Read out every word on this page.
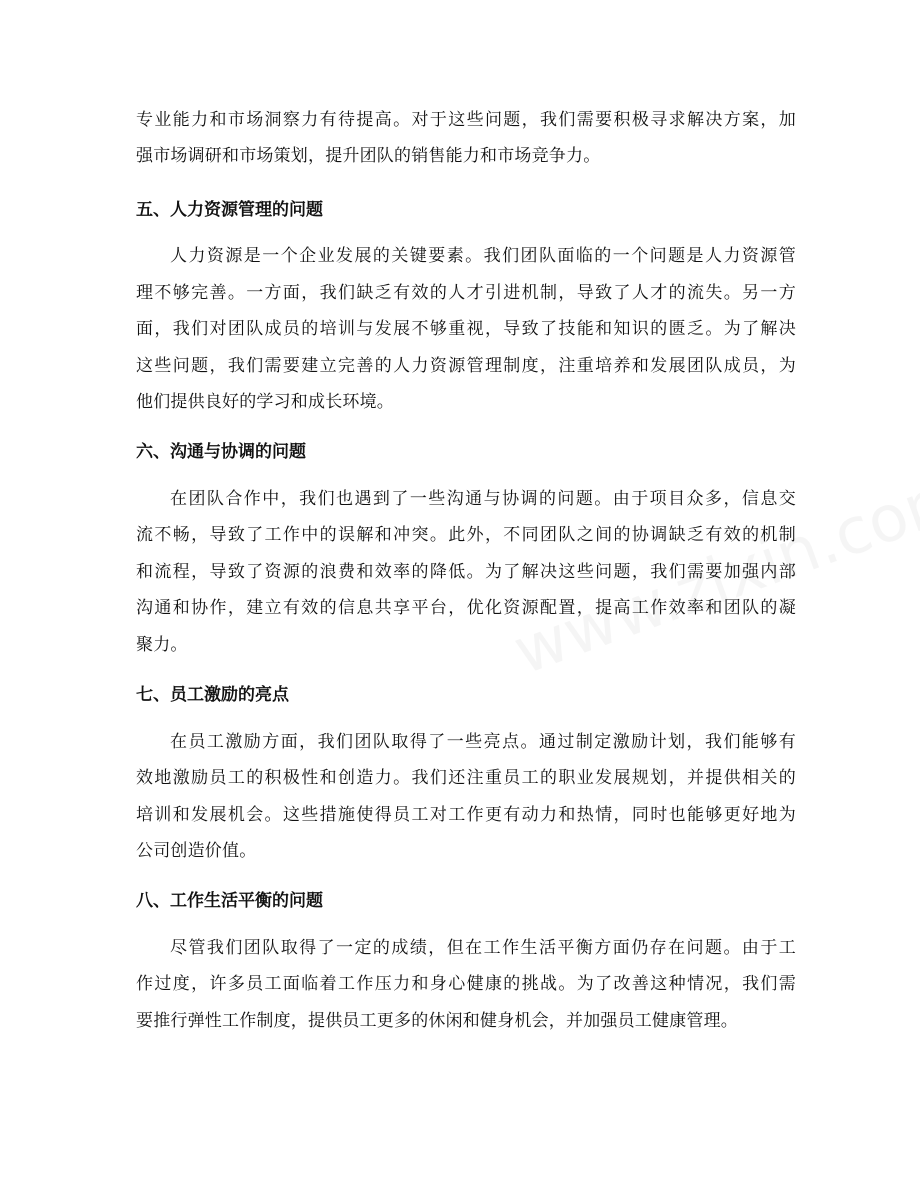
专业能力和市场洞察力有待提高。对于这些问题，我们需要积极寻求解决方案，加
强市场调研和市场策划，提升团队的销售能力和市场竞争力。
五、人力资源管理的问题
人力资源是一个企业发展的关键要素。我们团队面临的一个问题是人力资源管
理不够完善。一方面，我们缺乏有效的人才引进机制，导致了人才的流失。另一方
面，我们对团队成员的培训与发展不够重视，导致了技能和知识的匮乏。为了解决
这些问题，我们需要建立完善的人力资源管理制度，注重培养和发展团队成员，为
他们提供良好的学习和成长环境。
六、沟通与协调的问题
在团队合作中，我们也遇到了一些沟通与协调的问题。由于项目众多，信息交
流不畅，导致了工作中的误解和冲突。此外，不同团队之间的协调缺乏有效的机制
和流程，导致了资源的浪费和效率的降低。为了解决这些问题，我们需要加强内部
沟通和协作，建立有效的信息共享平台，优化资源配置，提高工作效率和团队的凝
聚力。
七、员工激励的亮点
在员工激励方面，我们团队取得了一些亮点。通过制定激励计划，我们能够有
效地激励员工的积极性和创造力。我们还注重员工的职业发展规划，并提供相关的
培训和发展机会。这些措施使得员工对工作更有动力和热情，同时也能够更好地为
公司创造价值。
八、工作生活平衡的问题
尽管我们团队取得了一定的成绩，但在工作生活平衡方面仍存在问题。由于工
作过度，许多员工面临着工作压力和身心健康的挑战。为了改善这种情况，我们需
要推行弹性工作制度，提供员工更多的休闲和健身机会，并加强员工健康管理。
